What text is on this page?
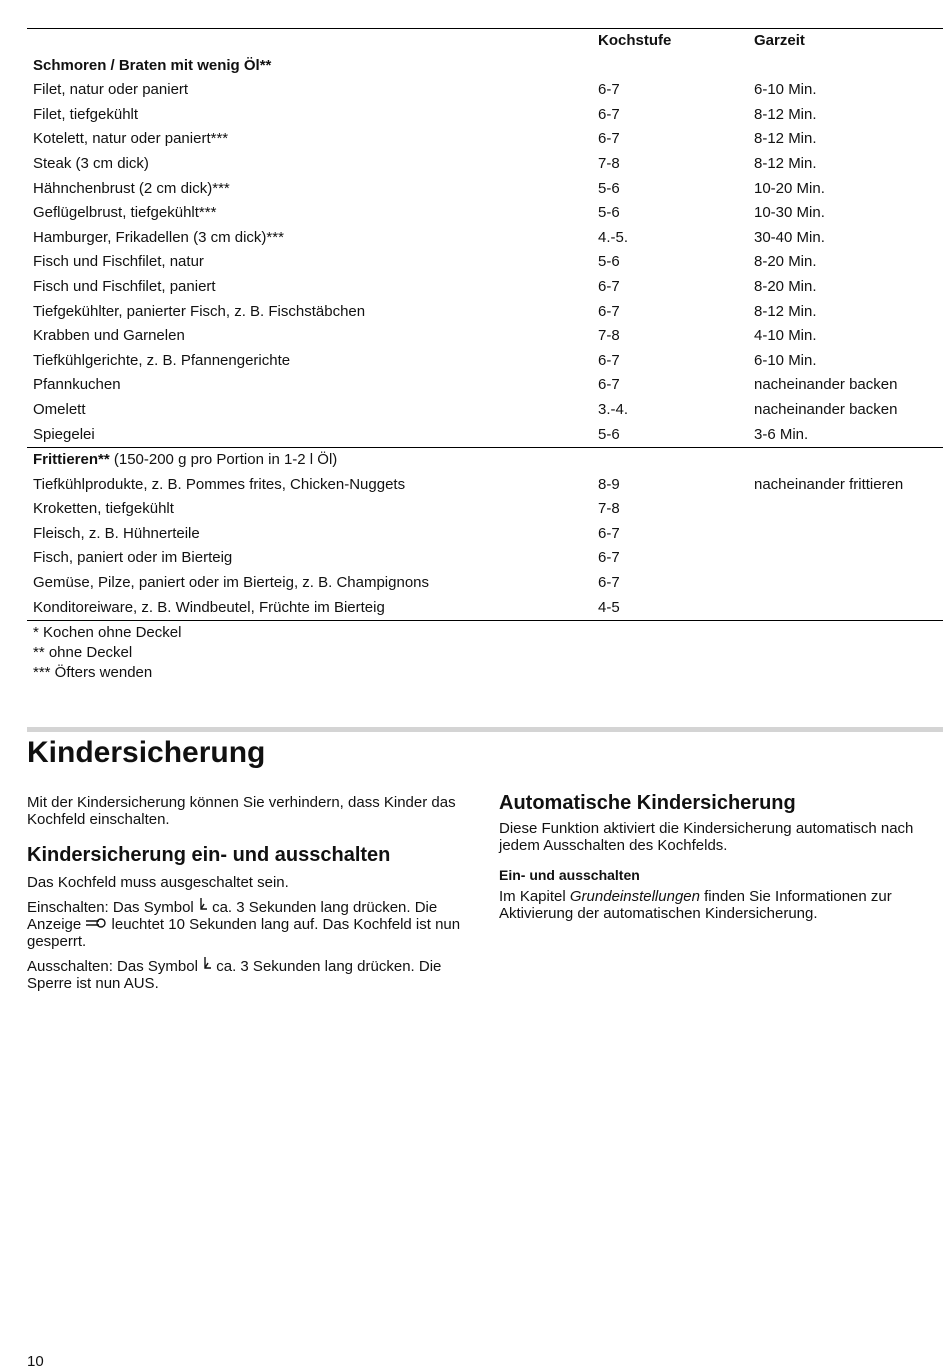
	Kochstufe	Garzeit
Schmoren / Braten mit wenig Öl**		
Filet, natur oder paniert	6-7	6-10 Min.
Filet, tiefgekühlt	6-7	8-12 Min.
Kotelett, natur oder paniert***	6-7	8-12 Min.
Steak (3 cm dick)	7-8	8-12 Min.
Hähnchenbrust (2 cm dick)***	5-6	10-20 Min.
Geflügelbrust, tiefgekühlt***	5-6	10-30 Min.
Hamburger, Frikadellen (3 cm dick)***	4.-5.	30-40 Min.
Fisch und Fischfilet, natur	5-6	8-20 Min.
Fisch und Fischfilet, paniert	6-7	8-20 Min.
Tiefgekühlter, panierter Fisch, z. B. Fischstäbchen	6-7	8-12 Min.
Krabben und Garnelen	7-8	4-10 Min.
Tiefkühlgerichte, z. B. Pfannengerichte	6-7	6-10 Min.
Pfannkuchen	6-7	nacheinander backen
Omelett	3.-4.	nacheinander backen
Spiegelei	5-6	3-6 Min.
Frittieren** (150-200 g pro Portion in 1-2 l Öl)		
Tiefkühlprodukte, z. B. Pommes frites, Chicken-Nuggets	8-9	nacheinander frittieren
Kroketten, tiefgekühlt	7-8	
Fleisch, z. B. Hühnerteile	6-7	
Fisch, paniert oder im Bierteig	6-7	
Gemüse, Pilze, paniert oder im Bierteig, z. B. Champignons	6-7	
Konditoreiware, z. B. Windbeutel, Früchte im Bierteig	4-5	
* Kochen ohne Deckel
** ohne Deckel
*** Öfters wenden
Kindersicherung

Mit der Kindersicherung können Sie verhindern, dass Kinder das Kochfeld einschalten.

Kindersicherung ein- und ausschalten

Das Kochfeld muss ausgeschaltet sein.

Einschalten: Das Symbol  ca. 3 Sekunden lang drücken. Die Anzeige  leuchtet 10 Sekunden lang auf. Das Kochfeld ist nun gesperrt.

Ausschalten: Das Symbol  ca. 3 Sekunden lang drücken. Die Sperre ist nun AUS.

Automatische Kindersicherung

Diese Funktion aktiviert die Kindersicherung automatisch nach jedem Ausschalten des Kochfelds.

Ein- und ausschalten

Im Kapitel Grundeinstellungen finden Sie Informationen zur Aktivierung der automatischen Kindersicherung.

10
